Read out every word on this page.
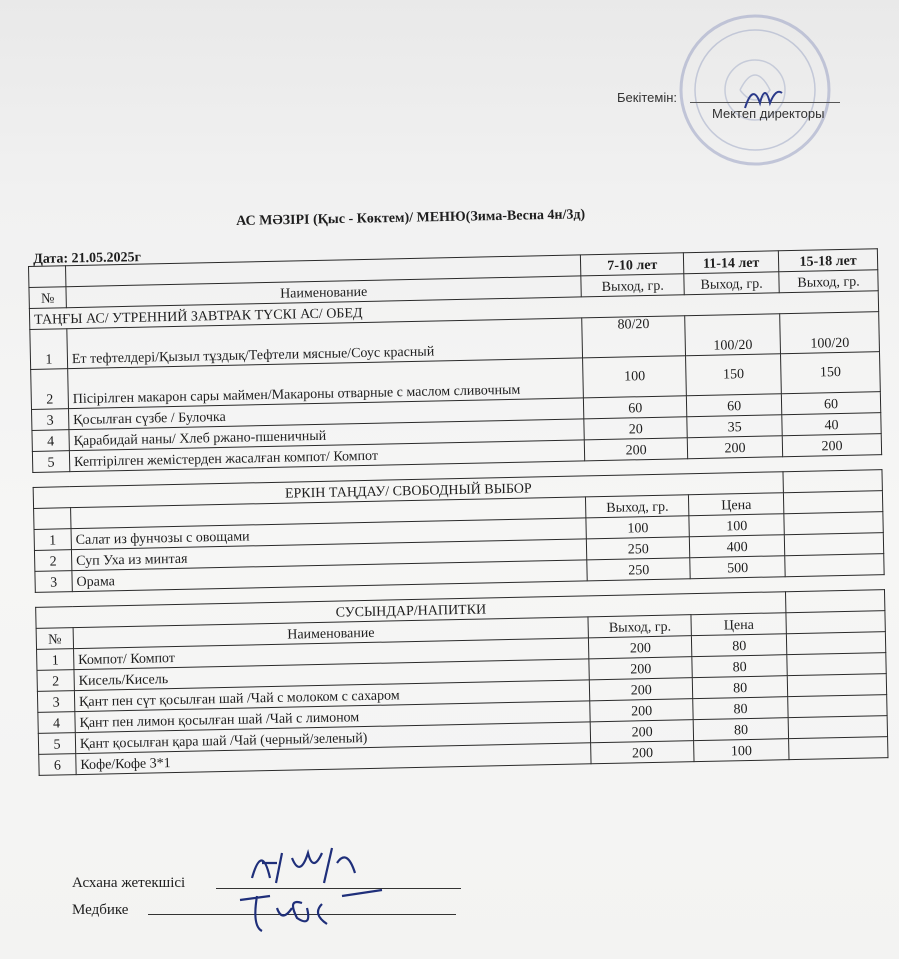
Бекітемін:
Мектеп директоры
АС МӘЗІРІ (Қыс - Көктем)/ МЕНЮ(Зима-Весна 4н/3д)
Дата: 21.05.2025г
			7-10 лет	11-14 лет	15-18 лет
№	Наименование	Выход, гр.	Выход, гр.	Выход, гр.
ТАҢҒЫ АС/ УТРЕННИЙ ЗАВТРАК ТҮСКІ АС/ ОБЕД				
1	Ет тефтелдері/Қызыл тұздық/Тефтели мясные/Соус красный	80/20	100/20	100/20
2	Пісірілген макарон сары маймен/Макароны отварные с маслом сливочным	100	150	150
3	Қосылған сүзбе / Булочка	60	60	60
4	Қарабидай наны/ Хлеб ржано-пшеничный	20	35	40
5	Кептірілген жемістерден жасалған компот/ Компот	200	200	200
ЕРКІН ТАҢДАУ/ СВОБОДНЫЙ ВЫБОР				
		Выход, гр.	Цена	
1	Салат из фунчозы с овощами	100	100	
2	Суп Уха из минтая	250	400	
3	Орама	250	500	
СУСЫНДАР/НАПИТКИ				
№	Наименование	Выход, гр.	Цена	
1	Компот/ Компот	200	80	
2	Кисель/Кисель	200	80	
3	Қант пен сүт қосылған шай /Чай с молоком с сахаром	200	80	
4	Қант пен лимон қосылған шай /Чай с лимоном	200	80	
5	Қант қосылған қара шай /Чай (черный/зеленый)	200	80	
6	Кофе/Кофе 3*1	200	100	
Асхана жетекшісі
Медбике
